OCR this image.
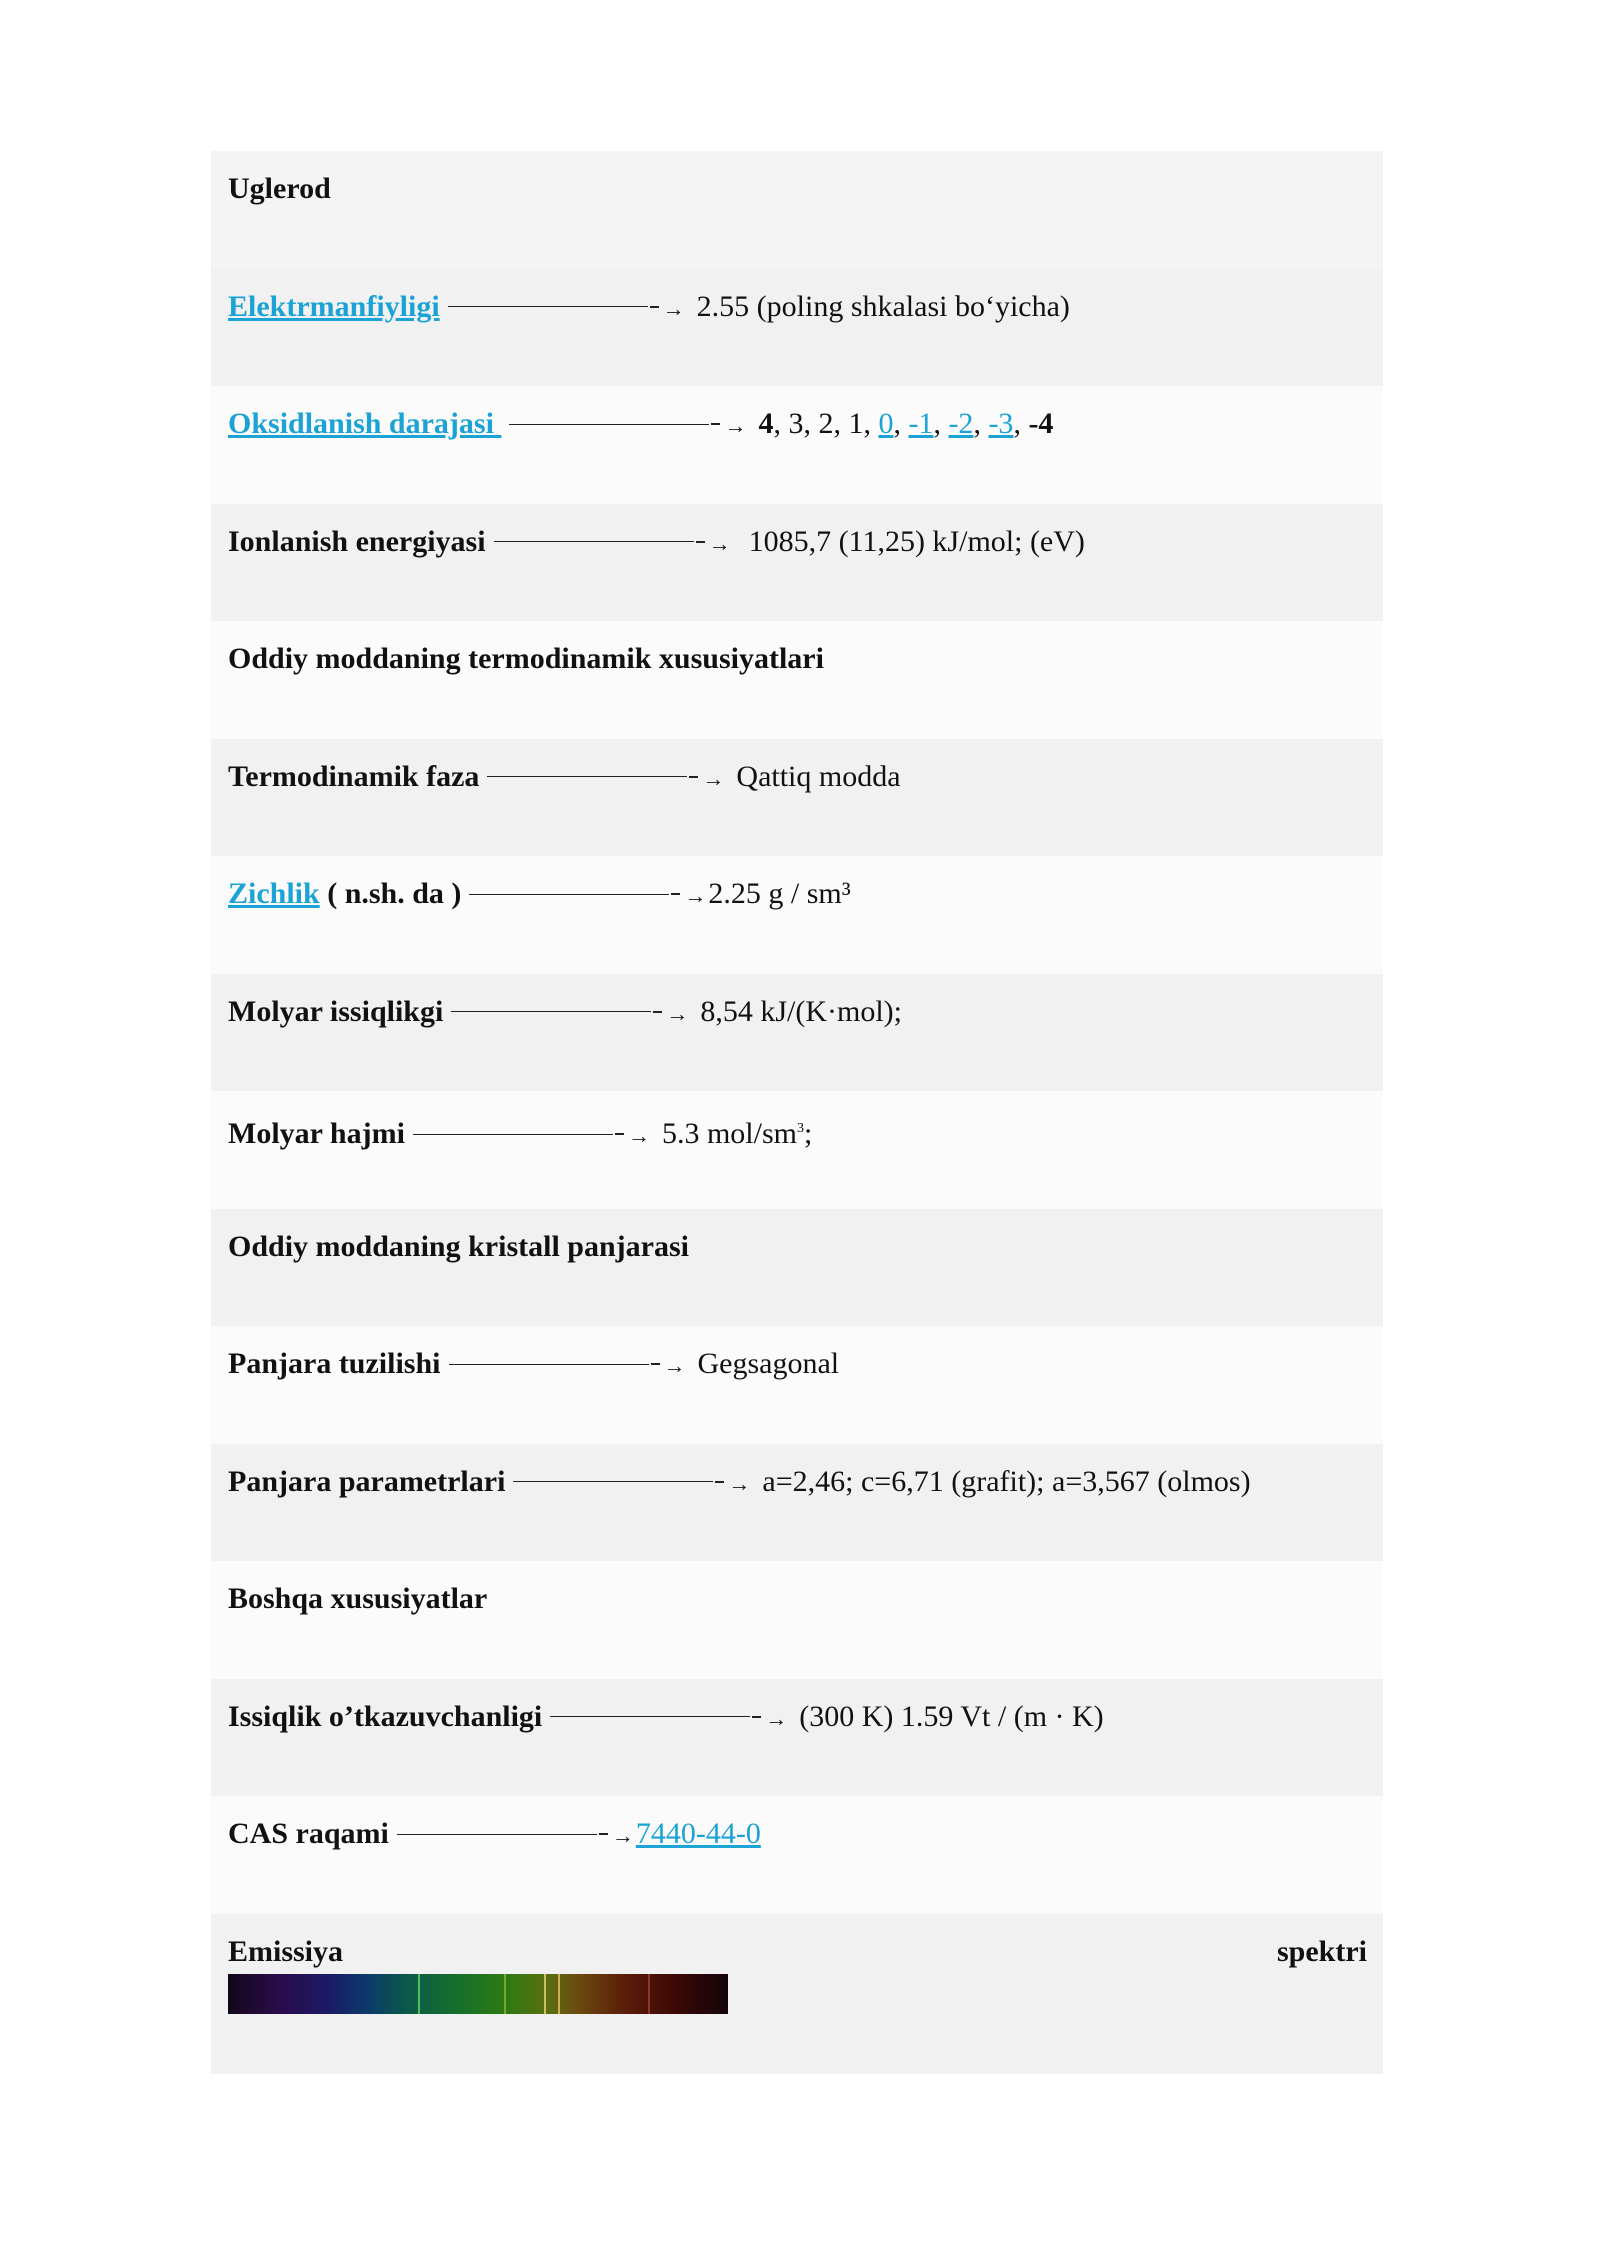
Uglerod
Elektrmanfiyligi	→ 2.55 (poling shkalasi bo‘yicha)
Oksidlanish darajasi	→ 4, 3, 2, 1, 0, -1, -2, -3, -4
Ionlanish energiyasi	→ 1085,7 (11,25) kJ/mol; (eV)
Oddiy moddaning termodinamik xususiyatlari
Termodinamik faza	→ Qattiq modda
Zichlik ( n.sh. da )	→2.25 g / sm³
Molyar issiqlikgi	→ 8,54 kJ/(K·mol);
Molyar hajmi	→ 5.3 mol/$sm^3$;
Oddiy moddaning kristall panjarasi
Panjara tuzilishi	→ Gegsagonal
Panjara parametrlari	→ a=2,46; c=6,71 (grafit); a=3,567 (olmos)
Boshqa xususiyatlar
Issiqlik o’tkazuvchanligi	→ (300 K) 1.59 Vt / (m · K)
CAS raqami	→7440-44-0
Emissiya	spektri
